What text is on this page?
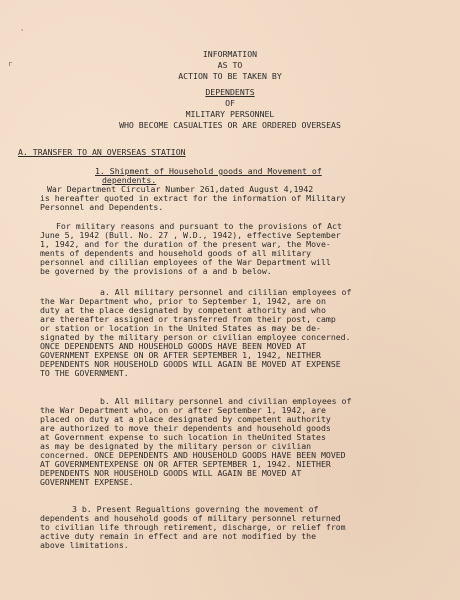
'
r

INFORMATION

AS TO

ACTION TO BE TAKEN BY

DEPENDENTS

OF

MILITARY PERSONNEL

WHO BECOME CASUALTIES OR ARE ORDERED OVERSEAS

A. TRANSFER TO AN OVERSEAS STATION

1. Shipment of Household goods and Movement of

dependents.

War Department Circular Number 261,dated August 4,1942

is hereafter quoted in extract for the information of Military

Personnel and Dependents.

For military reasons and pursuant to the provisions of Act

June 5, 1942 (Bull. No. 27 , W.D., 1942), effective September

1, 1942, and for the duration of the present war, the Move-

ments of dependents and household goods of all military

personnel and cililian employees of the War Department will

be governed by the provisions of a and b below.

a. All military personnel and cililian employees of

the War Department who, prior to September 1, 1942, are on

duty at the place designated by competent athority and who

are thereafter assigned or transferred from their post, camp

or station or location in the United States as may be de-

signated by the military person or civilian employee concerned.

ONCE DEPENDENTS AND HOUSEHOLD GOODS HAVE BEEN MOVED AT

GOVERNMENT EXPENSE ON OR AFTER SEPTEMBER 1, 1942, NEITHER

DEPENDENTS NOR HOUSEHOLD GOODS WILL AGAIN BE MOVED AT EXPENSE

TO THE GOVERNMENT.

b. All military personnel and civilian employees of

the War Department who, on or after September 1, 1942, are

placed on duty at a place designated by competent authority

are authorized to move their dependents and household goods

at Government expense to such location in theUnited States

as may be designated by the military person or civilian

concerned. ONCE DEPENDENTS AND HOUSEHOLD GOODS HAVE BEEN MOVED

AT GOVERNMENTEXPENSE ON OR AFTER SEPTEMBER 1, 1942. NIETHER

DEPENDENTS NOR HOUSEHOLD GOODS WILL AGAIN BE MOVED AT

GOVERNMENT EXPENSE.

3 b. Present Regualtions governing the movement of

dependents and household goods of military personnel returned

to civilian life through retirement, discharge, or relief from

active duty remain in effect and are not modified by the

above limitations.
